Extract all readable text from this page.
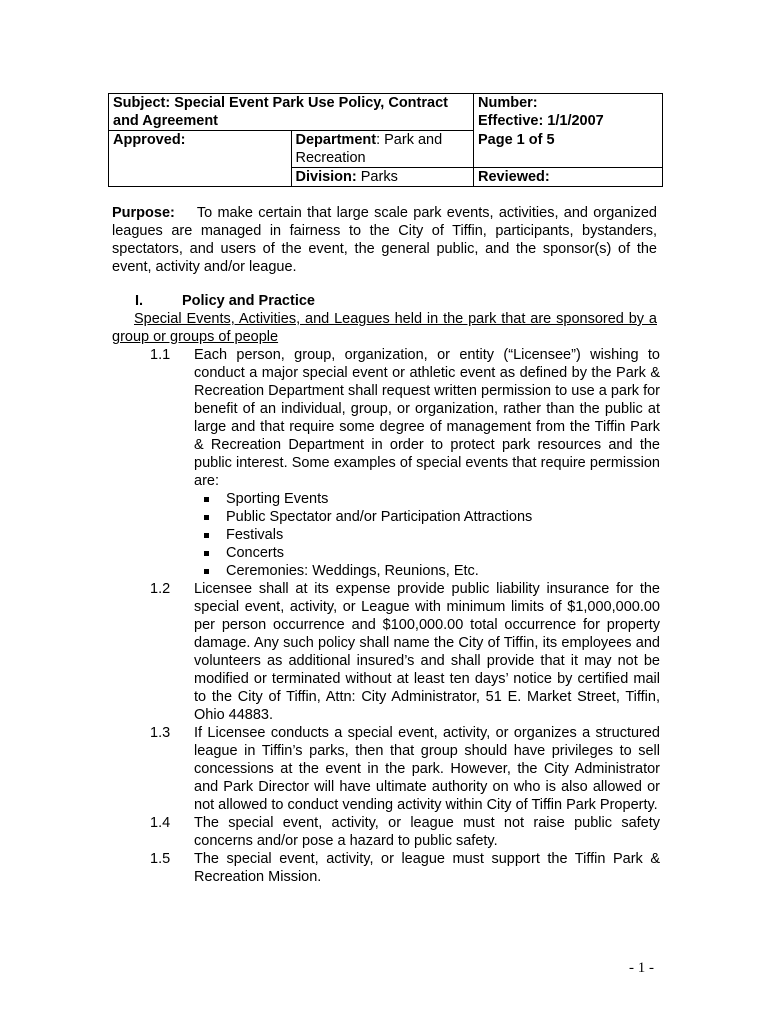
Subject: Special Event Park Use Policy, Contract and Agreement		Number:
Effective: 1/1/2007

Approved:	Department: Park and Recreation	Page 1 of 5
	Division: Parks	Reviewed:
Purpose: To make certain that large scale park events, activities, and organized leagues are managed in fairness to the City of Tiffin, participants, bystanders, spectators, and users of the event, the general public, and the sponsor(s) of the event, activity and/or league.
I.	Policy and Practice
Special Events, Activities, and Leagues held in the park that are sponsored by a group or groups of people
1.1	Each person, group, organization, or entity (“Licensee”) wishing to conduct a major special event or athletic event as defined by the Park & Recreation Department shall request written permission to use a park for benefit of an individual, group, or organization, rather than the public at large and that require some degree of management from the Tiffin Park & Recreation Department in order to protect park resources and the public interest. Some examples of special events that require permission are:
Sporting Events
Public Spectator and/or Participation Attractions
Festivals
Concerts
Ceremonies: Weddings, Reunions, Etc.
1.2	Licensee shall at its expense provide public liability insurance for the special event, activity, or League with minimum limits of $1,000,000.00 per person occurrence and $100,000.00 total occurrence for property damage. Any such policy shall name the City of Tiffin, its employees and volunteers as additional insured’s and shall provide that it may not be modified or terminated without at least ten days’ notice by certified mail to the City of Tiffin, Attn: City Administrator, 51 E. Market Street, Tiffin, Ohio 44883.
1.3	If Licensee conducts a special event, activity, or organizes a structured league in Tiffin’s parks, then that group should have privileges to sell concessions at the event in the park. However, the City Administrator and Park Director will have ultimate authority on who is also allowed or not allowed to conduct vending activity within City of Tiffin Park Property.
1.4	The special event, activity, or league must not raise public safety concerns and/or pose a hazard to public safety.
1.5	The special event, activity, or league must support the Tiffin Park & Recreation Mission.
- 1 -
